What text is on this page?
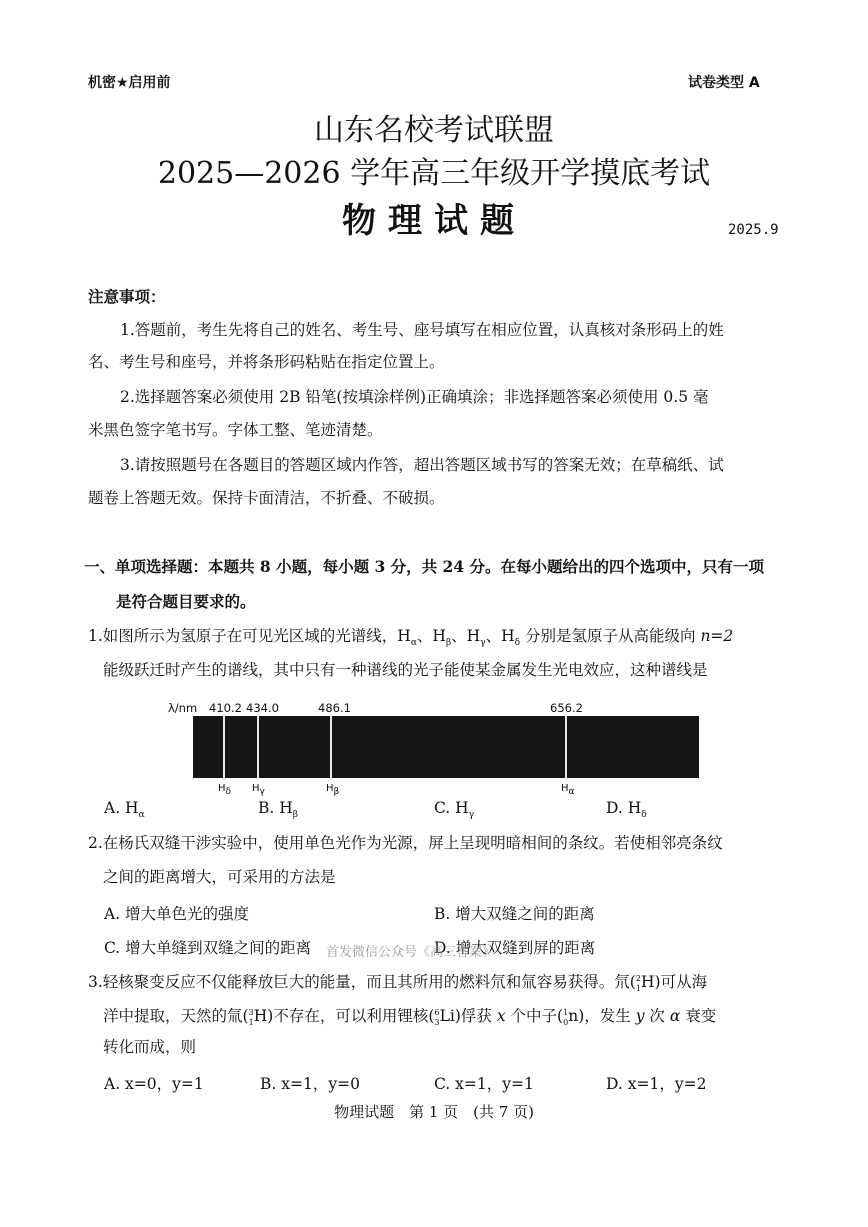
机密★启用前	试卷类型 A
山东名校考试联盟
2025—2026 学年高三年级开学摸底考试
物理试题	2025.9
注意事项：
1.答题前，考生先将自己的姓名、考生号、座号填写在相应位置，认真核对条形码上的姓
名、考生号和座号，并将条形码粘贴在指定位置上。
2.选择题答案必须使用 2B 铅笔(按填涂样例)正确填涂；非选择题答案必须使用 0.5 毫
米黑色签字笔书写。字体工整、笔迹清楚。
3.请按照题号在各题目的答题区域内作答，超出答题区域书写的答案无效；在草稿纸、试
题卷上答题无效。保持卡面清洁，不折叠、不破损。
一、单项选择题：本题共 8 小题，每小题 3 分，共 24 分。在每小题给出的四个选项中，只有一项
是符合题目要求的。
1.如图所示为氢原子在可见光区域的光谱线，$H_\alpha$、$H_\beta$、$H_\gamma$、$H_\delta$ 分别是氢原子从高能级向 n=2
能级跃迁时产生的谱线，其中只有一种谱线的光子能使某金属发生光电效应，这种谱线是
λ/nm 410.2 434.0	486.1	656.2
$H_\delta$ $H_\gamma$	$H_\beta$	$H_\alpha$
A. $H_\alpha$	B. $H_\beta$	C. $H_\gamma$	D. $H_\delta$
2.在杨氏双缝干涉实验中，使用单色光作为光源，屏上呈现明暗相间的条纹。若使相邻亮条纹
之间的距离增大，可采用的方法是
A. 增大单色光的强度	B. 增大双缝之间的距离
C. 增大单缝到双缝之间的距离	D. 增大双缝到屏的距离
首发微信公众号《高三答案》
3.轻核聚变反应不仅能释放巨大的能量，而且其所用的燃料氘和氚容易获得。氘($^2_1$H)可从海
洋中提取，天然的氚($^3_1$H)不存在，可以利用锂核($^6_3$Li)俘获 x 个中子($^1_0$n)，发生 y 次 α 衰变
转化而成，则
A. x=0，y=1	B. x=1，y=0	C. x=1，y=1	D. x=1，y=2
物理试题　第 1 页　(共 7 页)
